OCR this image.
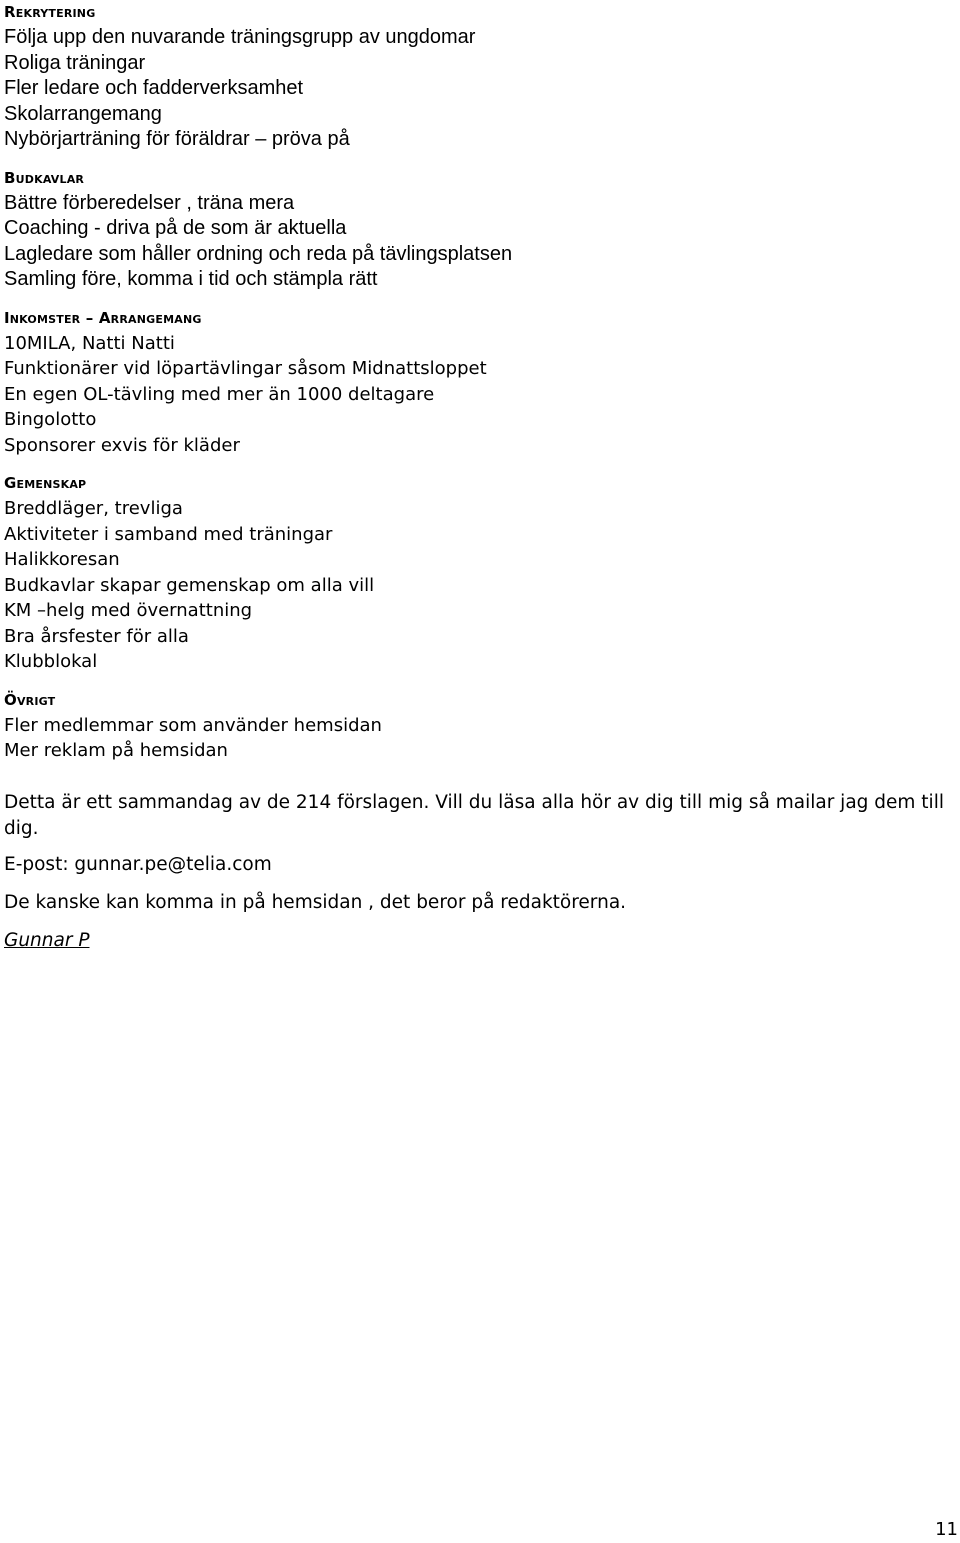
Rekrytering
Följa upp den nuvarande träningsgrupp av ungdomar
Roliga träningar
Fler ledare och fadderverksamhet
Skolarrangemang
Nybörjarträning för föräldrar – pröva på
Budkavlar
Bättre förberedelser , träna mera
Coaching - driva på de som är aktuella
Lagledare som håller ordning och reda på tävlingsplatsen
Samling före, komma i tid och stämpla rätt
Inkomster – Arrangemang
10MILA, Natti Natti
Funktionärer vid löpartävlingar såsom Midnattsloppet
En egen OL-tävling med mer än 1000 deltagare
Bingolotto
Sponsorer exvis för kläder
Gemenskap
Breddläger, trevliga
Aktiviteter i samband med träningar
Halikkoresan
Budkavlar skapar gemenskap om alla vill
KM –helg med övernattning
Bra årsfester för alla
Klubblokal
Övrigt
Fler medlemmar som använder hemsidan
Mer reklam på hemsidan

Detta är ett sammandag av de 214 förslagen. Vill du läsa alla hör av dig till mig så mailar jag dem till dig.

E-post: gunnar.pe@telia.com

De kanske kan komma in på hemsidan , det beror på redaktörerna.

Gunnar P
11
